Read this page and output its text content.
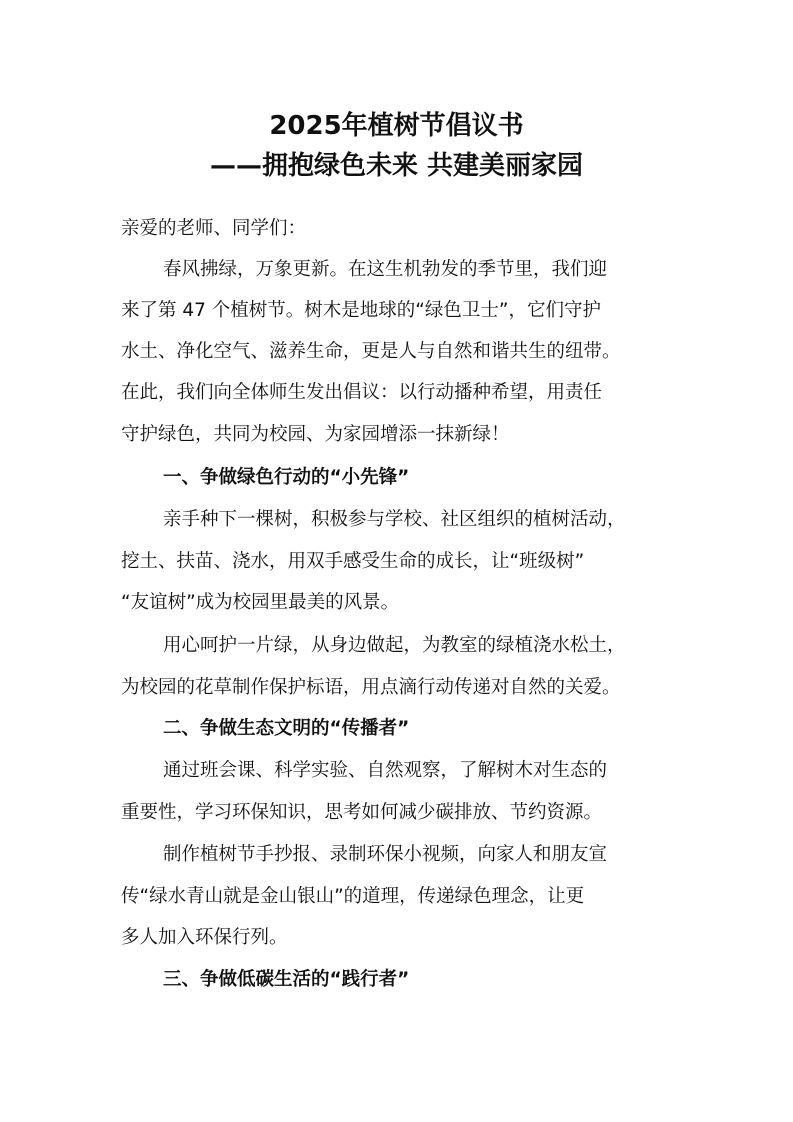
2025年植树节倡议书
——拥抱绿色未来 共建美丽家园
亲爱的老师、同学们：
春风拂绿，万象更新。在这生机勃发的季节里，我们迎
来了第 47 个植树节。树木是地球的“绿色卫士”，它们守护
水土、净化空气、滋养生命，更是人与自然和谐共生的纽带。
在此，我们向全体师生发出倡议：以行动播种希望，用责任
守护绿色，共同为校园、为家园增添一抹新绿！
一、争做绿色行动的“小先锋”
亲手种下一棵树，积极参与学校、社区组织的植树活动，
挖土、扶苗、浇水，用双手感受生命的成长，让“班级树”
“友谊树”成为校园里最美的风景。
用心呵护一片绿，从身边做起，为教室的绿植浇水松土，
为校园的花草制作保护标语，用点滴行动传递对自然的关爱。
二、争做生态文明的“传播者”
通过班会课、科学实验、自然观察，了解树木对生态的
重要性，学习环保知识，思考如何减少碳排放、节约资源。
制作植树节手抄报、录制环保小视频，向家人和朋友宣
传“绿水青山就是金山银山”的道理，传递绿色理念，让更
多人加入环保行列。
三、争做低碳生活的“践行者”
